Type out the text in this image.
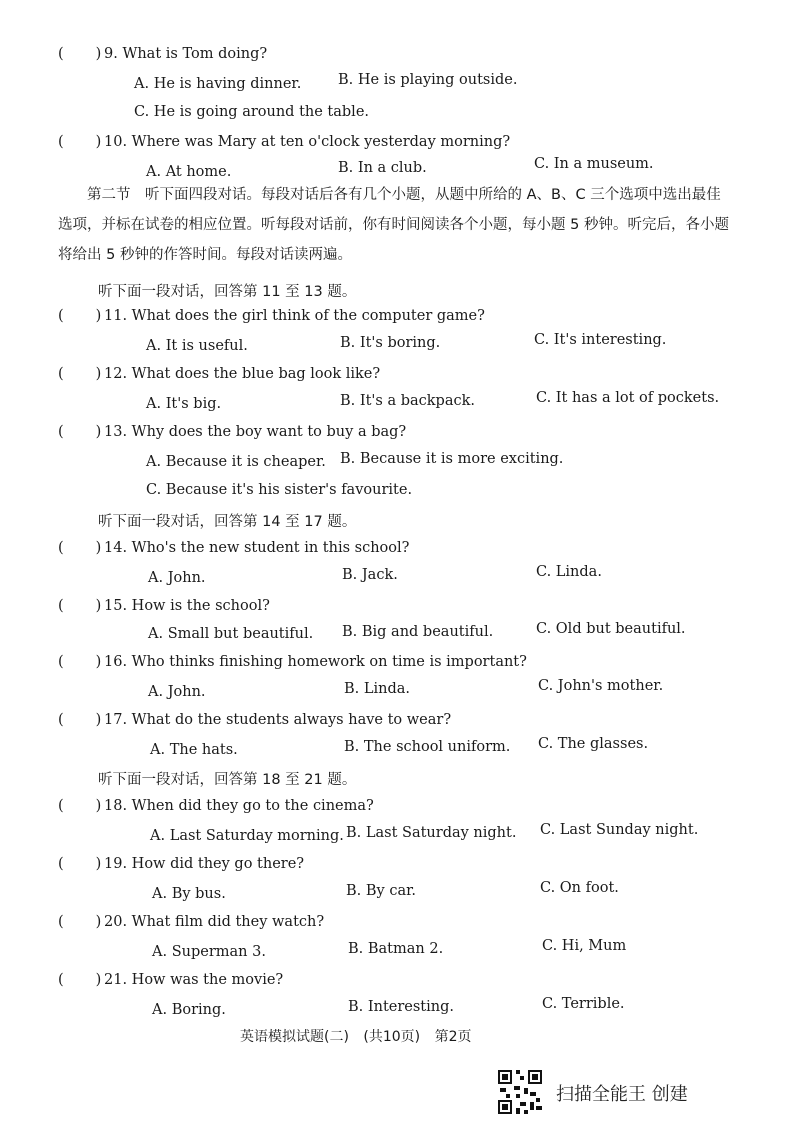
( ) 9. What is Tom doing?
A. He is having dinner.	B. He is playing outside.
C. He is going around the table.
( ) 10. Where was Mary at ten o'clock yesterday morning?
A. At home.	B. In a club.	C. In a museum.
第二节　听下面四段对话。每段对话后各有几个小题，从题中所给的 A、B、C 三个选项中选出最佳选项，并标在试卷的相应位置。听每段对话前，你有时间阅读各个小题，每小题 5 秒钟。听完后，各小题将给出 5 秒钟的作答时间。每段对话读两遍。
听下面一段对话，回答第 11 至 13 题。
( ) 11. What does the girl think of the computer game?
A. It is useful.	B. It's boring.	C. It's interesting.
( ) 12. What does the blue bag look like?
A. It's big.	B. It's a backpack.	C. It has a lot of pockets.
( ) 13. Why does the boy want to buy a bag?
A. Because it is cheaper. B. Because it is more exciting.
C. Because it's his sister's favourite.
听下面一段对话，回答第 14 至 17 题。
( ) 14. Who's the new student in this school?
A. John.	B. Jack.	C. Linda.
( ) 15. How is the school?
A. Small but beautiful. B. Big and beautiful.	C. Old but beautiful.
( ) 16. Who thinks finishing homework on time is important?
A. John.	B. Linda.	C. John's mother.
( ) 17. What do the students always have to wear?
A. The hats.	B. The school uniform. C. The glasses.
听下面一段对话，回答第 18 至 21 题。
( ) 18. When did they go to the cinema?
A. Last Saturday morning. B. Last Saturday night. C. Last Sunday night.
( ) 19. How did they go there?
A. By bus.	B. By car.	C. On foot.
( ) 20. What film did they watch?
A. Superman 3.	B. Batman 2.	C. Hi, Mum
( ) 21. How was the movie?
A. Boring.	B. Interesting.	C. Terrible.
英语模拟试题(二) (共10页) 第2页
扫描全能王 创建
